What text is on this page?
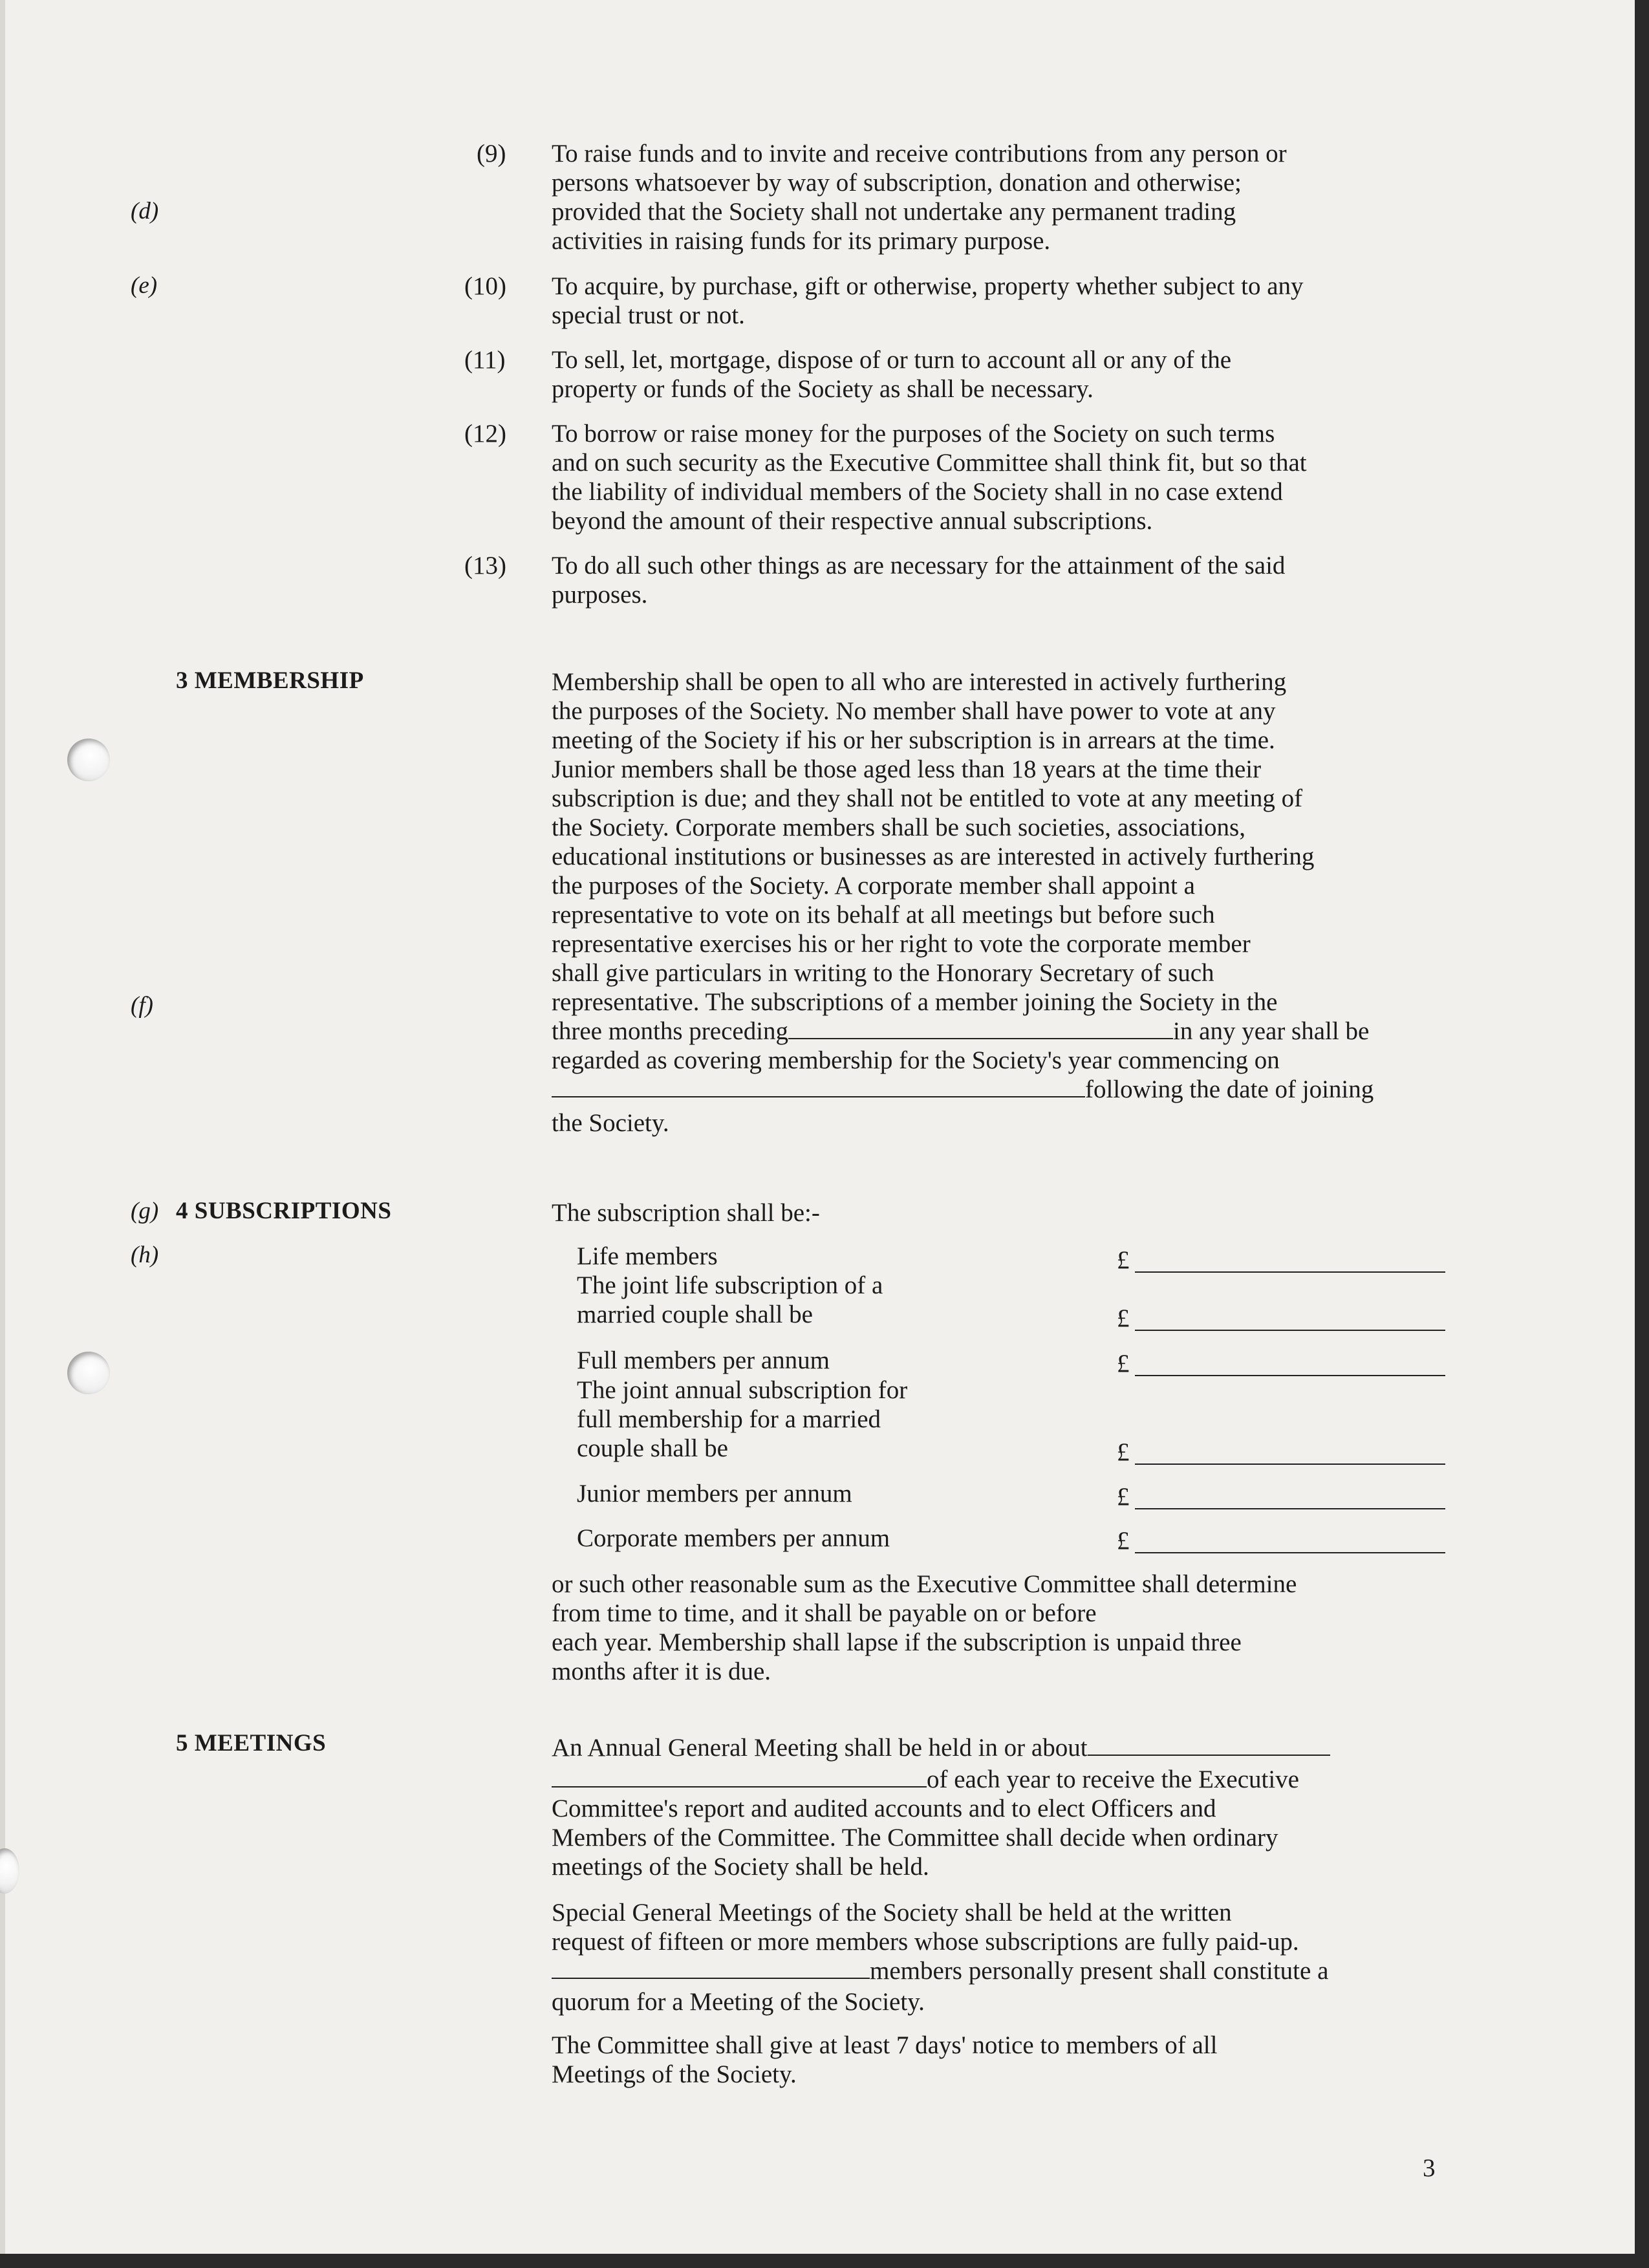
(d)
(e)
(f)
(g)
(h)
(9) To raise funds and to invite and receive contributions from any person or
persons whatsoever by way of subscription, donation and otherwise;
provided that the Society shall not undertake any permanent trading
activities in raising funds for its primary purpose.
(10) To acquire, by purchase, gift or otherwise, property whether subject to any
special trust or not.
(11) To sell, let, mortgage, dispose of or turn to account all or any of the
property or funds of the Society as shall be necessary.
(12) To borrow or raise money for the purposes of the Society on such terms
and on such security as the Executive Committee shall think fit, but so that
the liability of individual members of the Society shall in no case extend
beyond the amount of their respective annual subscriptions.
(13) To do all such other things as are necessary for the attainment of the said
purposes.
3 MEMBERSHIP	Membership shall be open to all who are interested in actively furthering
the purposes of the Society. No member shall have power to vote at any
meeting of the Society if his or her subscription is in arrears at the time.
Junior members shall be those aged less than 18 years at the time their
subscription is due; and they shall not be entitled to vote at any meeting of
the Society. Corporate members shall be such societies, associations,
educational institutions or businesses as are interested in actively furthering
the purposes of the Society. A corporate member shall appoint a
representative to vote on its behalf at all meetings but before such
representative exercises his or her right to vote the corporate member
shall give particulars in writing to the Honorary Secretary of such
representative. The subscriptions of a member joining the Society in the
three months preceding	in any year shall be
regarded as covering membership for the Society's year commencing on
following the date of joining
the Society.
4 SUBSCRIPTIONS	The subscription shall be:-
Life members	£
The joint life subscription of a
married couple shall be	£
Full members per annum	£
The joint annual subscription for
full membership for a married
couple shall be	£
Junior members per annum	£
Corporate members per annum	£
or such other reasonable sum as the Executive Committee shall determine
from time to time, and it shall be payable on or before
each year. Membership shall lapse if the subscription is unpaid three
months after it is due.
5 MEETINGS	An Annual General Meeting shall be held in or about
of each year to receive the Executive
Committee's report and audited accounts and to elect Officers and
Members of the Committee. The Committee shall decide when ordinary
meetings of the Society shall be held.
Special General Meetings of the Society shall be held at the written
request of fifteen or more members whose subscriptions are fully paid-up.
members personally present shall constitute a
quorum for a Meeting of the Society.
The Committee shall give at least 7 days' notice to members of all
Meetings of the Society.
3
